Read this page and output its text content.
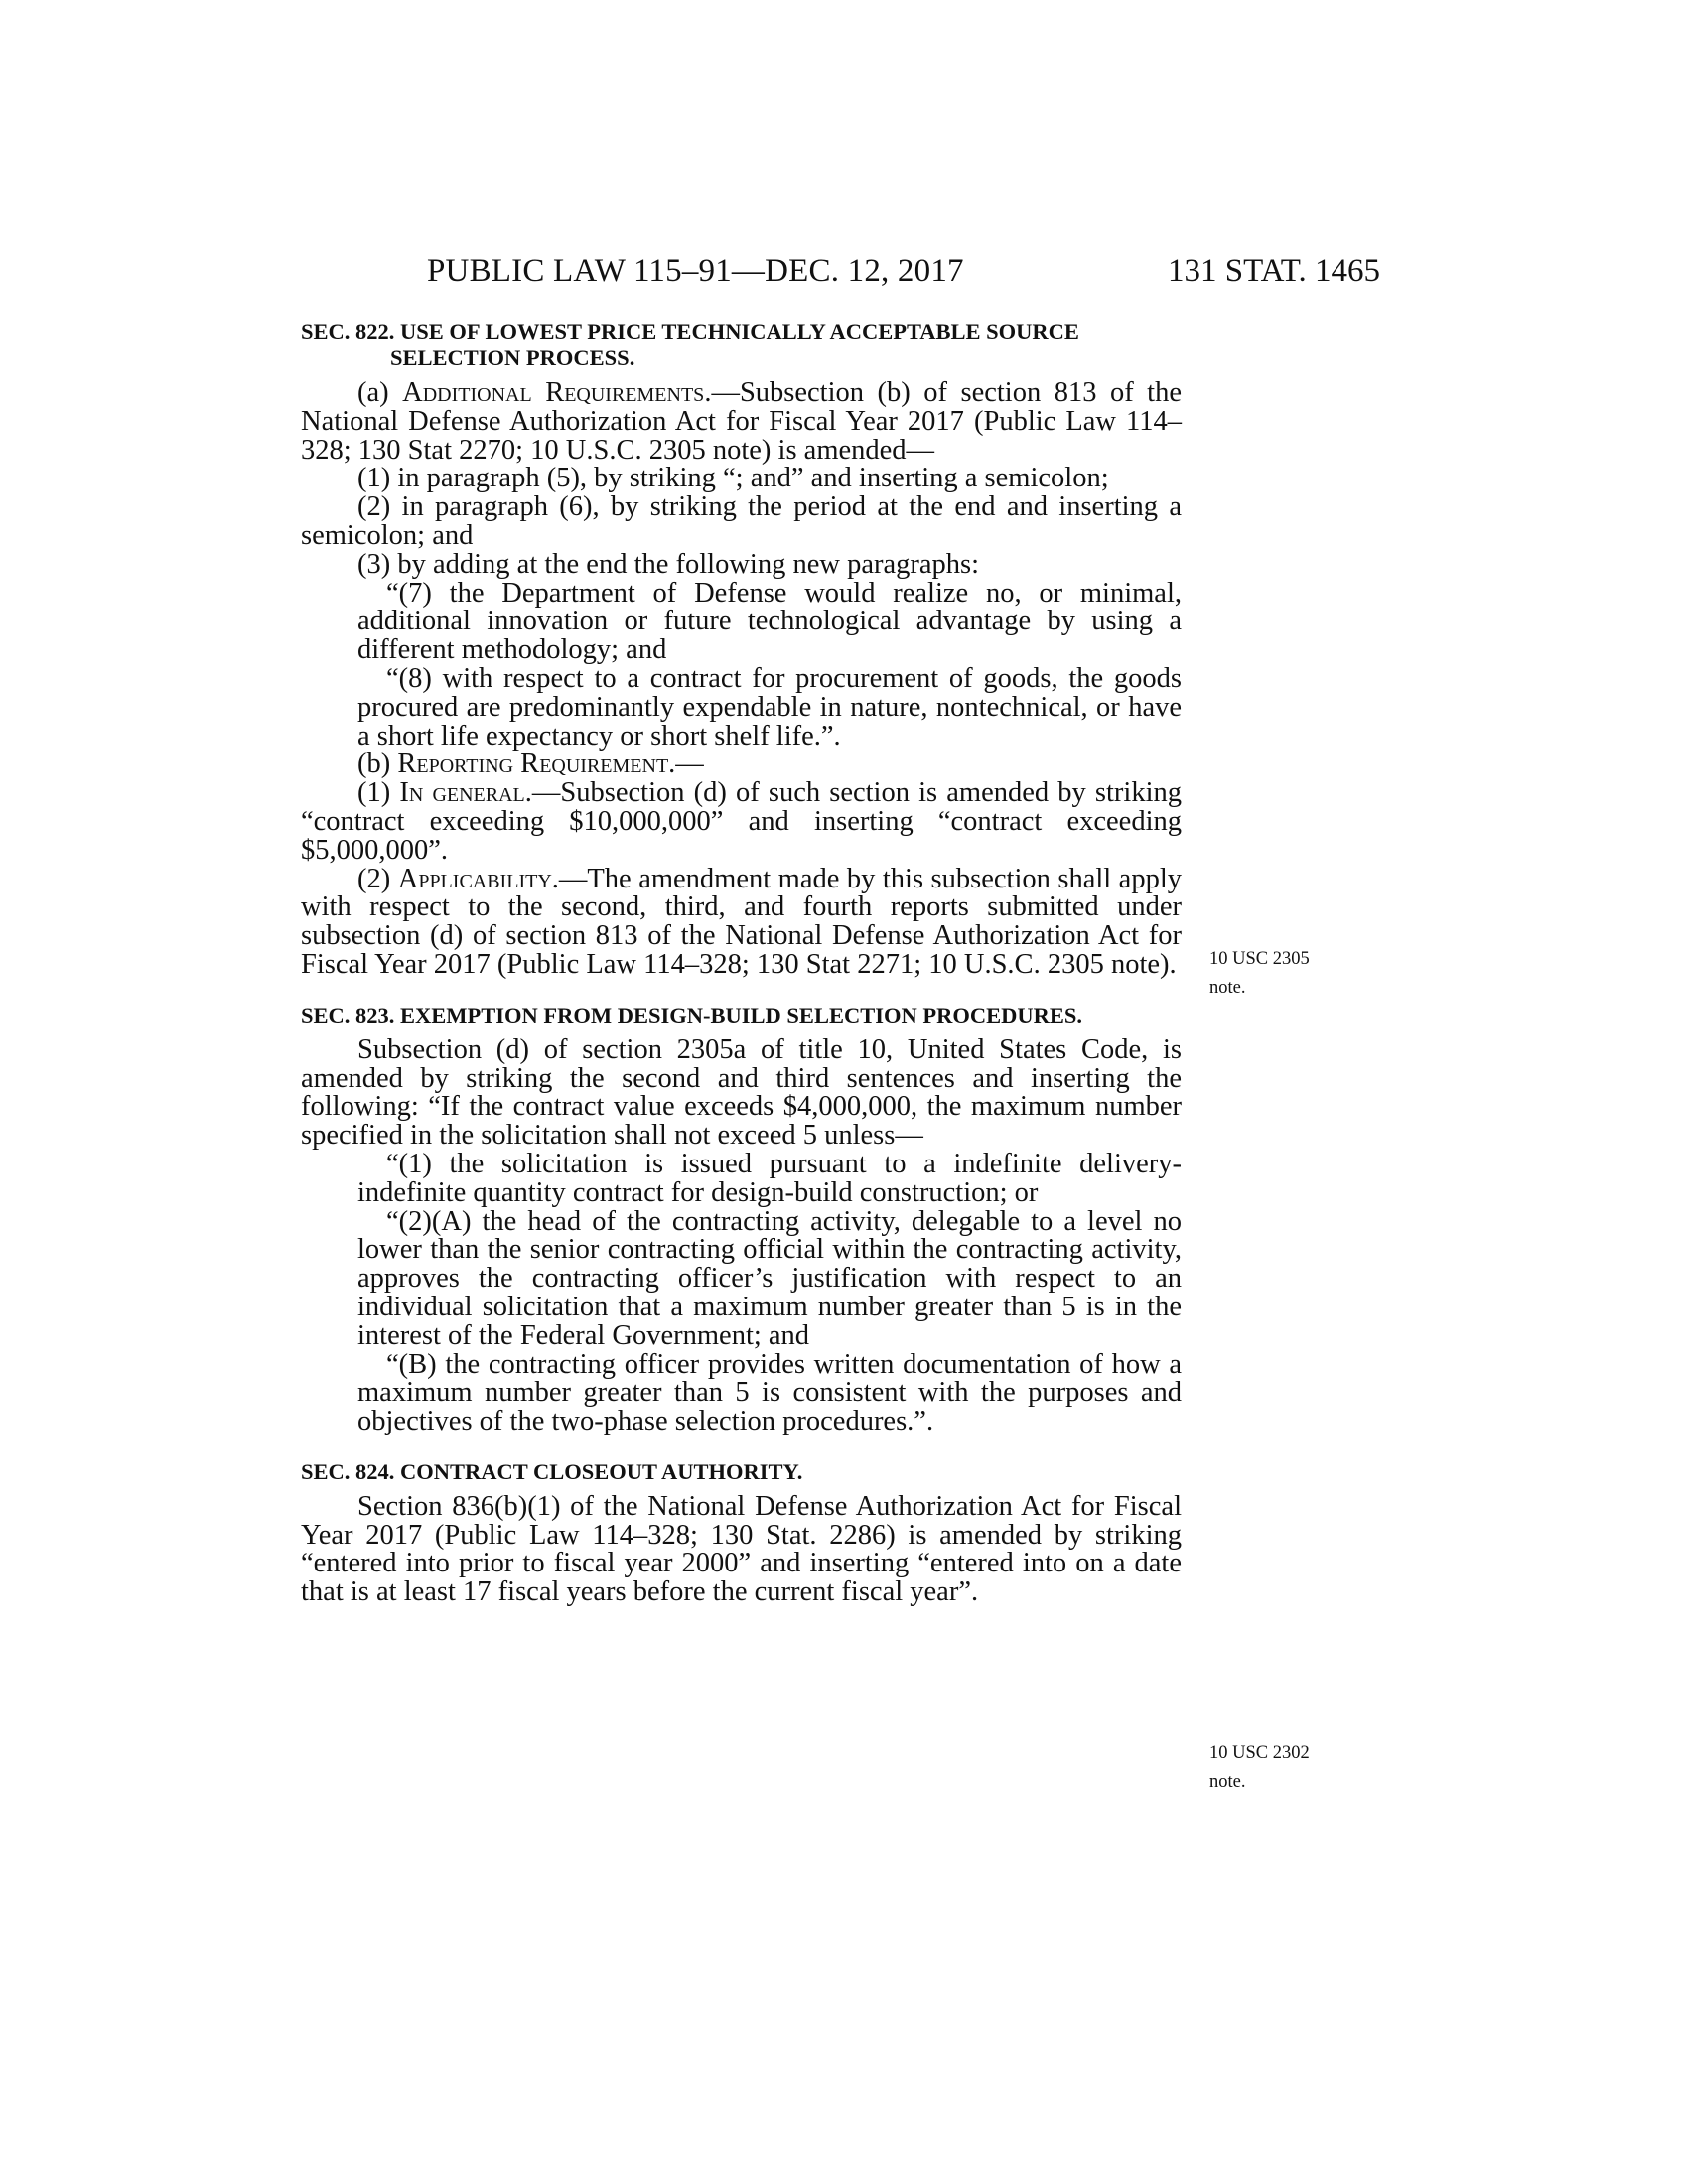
PUBLIC LAW 115–91—DEC. 12, 2017	131 STAT. 1465

SEC. 822. USE OF LOWEST PRICE TECHNICALLY ACCEPTABLE SOURCE SELECTION PROCESS.

(a) Additional Requirements.—Subsection (b) of section 813 of the National Defense Authorization Act for Fiscal Year 2017 (Public Law 114–328; 130 Stat 2270; 10 U.S.C. 2305 note) is amended—

(1) in paragraph (5), by striking “; and” and inserting a semicolon;

(2) in paragraph (6), by striking the period at the end and inserting a semicolon; and

(3) by adding at the end the following new paragraphs:

“(7) the Department of Defense would realize no, or minimal, additional innovation or future technological advantage by using a different methodology; and

“(8) with respect to a contract for procurement of goods, the goods procured are predominantly expendable in nature, nontechnical, or have a short life expectancy or short shelf life.”.

(b) Reporting Requirement.—

(1) In general.—Subsection (d) of such section is amended by striking “contract exceeding $10,000,000” and inserting “contract exceeding $5,000,000”.

(2) Applicability.—The amendment made by this subsection shall apply with respect to the second, third, and fourth reports submitted under subsection (d) of section 813 of the National Defense Authorization Act for Fiscal Year 2017 (Public Law 114–328; 130 Stat 2271; 10 U.S.C. 2305 note).

SEC. 823. EXEMPTION FROM DESIGN-BUILD SELECTION PROCEDURES.

Subsection (d) of section 2305a of title 10, United States Code, is amended by striking the second and third sentences and inserting the following: “If the contract value exceeds $4,000,000, the maximum number specified in the solicitation shall not exceed 5 unless—

“(1) the solicitation is issued pursuant to a indefinite delivery-indefinite quantity contract for design-build construction; or

“(2)(A) the head of the contracting activity, delegable to a level no lower than the senior contracting official within the contracting activity, approves the contracting officer’s justification with respect to an individual solicitation that a maximum number greater than 5 is in the interest of the Federal Government; and

“(B) the contracting officer provides written documentation of how a maximum number greater than 5 is consistent with the purposes and objectives of the two-phase selection procedures.”.

SEC. 824. CONTRACT CLOSEOUT AUTHORITY.

Section 836(b)(1) of the National Defense Authorization Act for Fiscal Year 2017 (Public Law 114–328; 130 Stat. 2286) is amended by striking “entered into prior to fiscal year 2000” and inserting “entered into on a date that is at least 17 fiscal years before the current fiscal year”.

10 USC 2305
note.
10 USC 2302
note.
